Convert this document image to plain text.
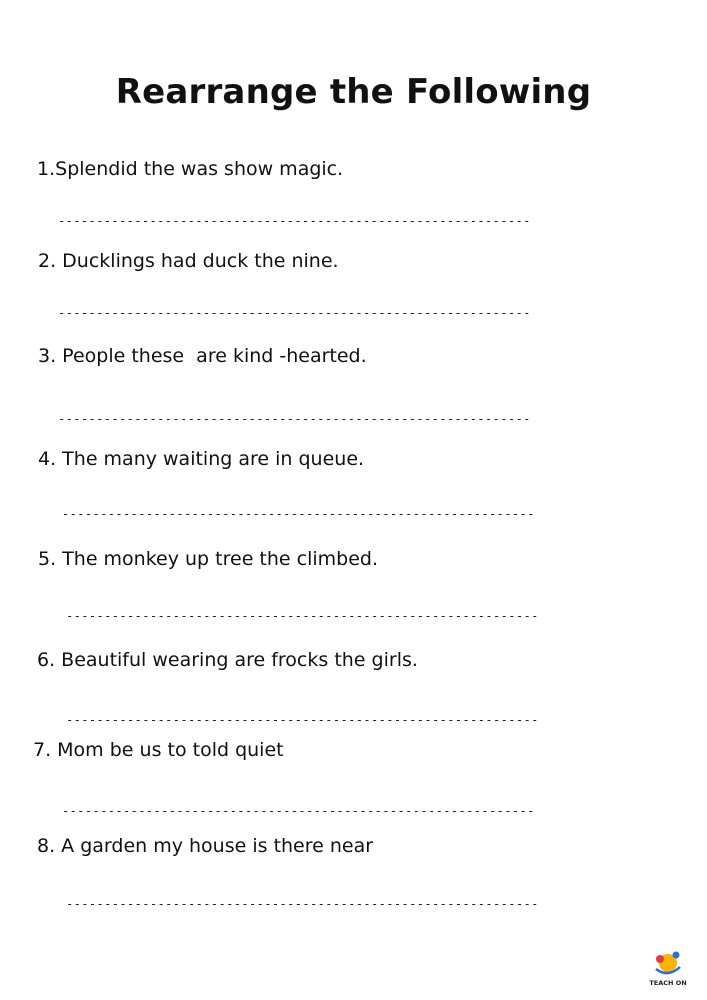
Rearrange the Following
1.Splendid the was show magic.
--------------------------------------------------------------
2. Ducklings had duck the nine.
--------------------------------------------------------------
3. People these  are kind -hearted.
--------------------------------------------------------------
4. The many waiting are in queue.
--------------------------------------------------------------
5. The monkey up tree the climbed.
--------------------------------------------------------------
6. Beautiful wearing are frocks the girls.
--------------------------------------------------------------
7. Mom be us to told quiet
--------------------------------------------------------------
8. A garden my house is there near
--------------------------------------------------------------
TEACH ON
